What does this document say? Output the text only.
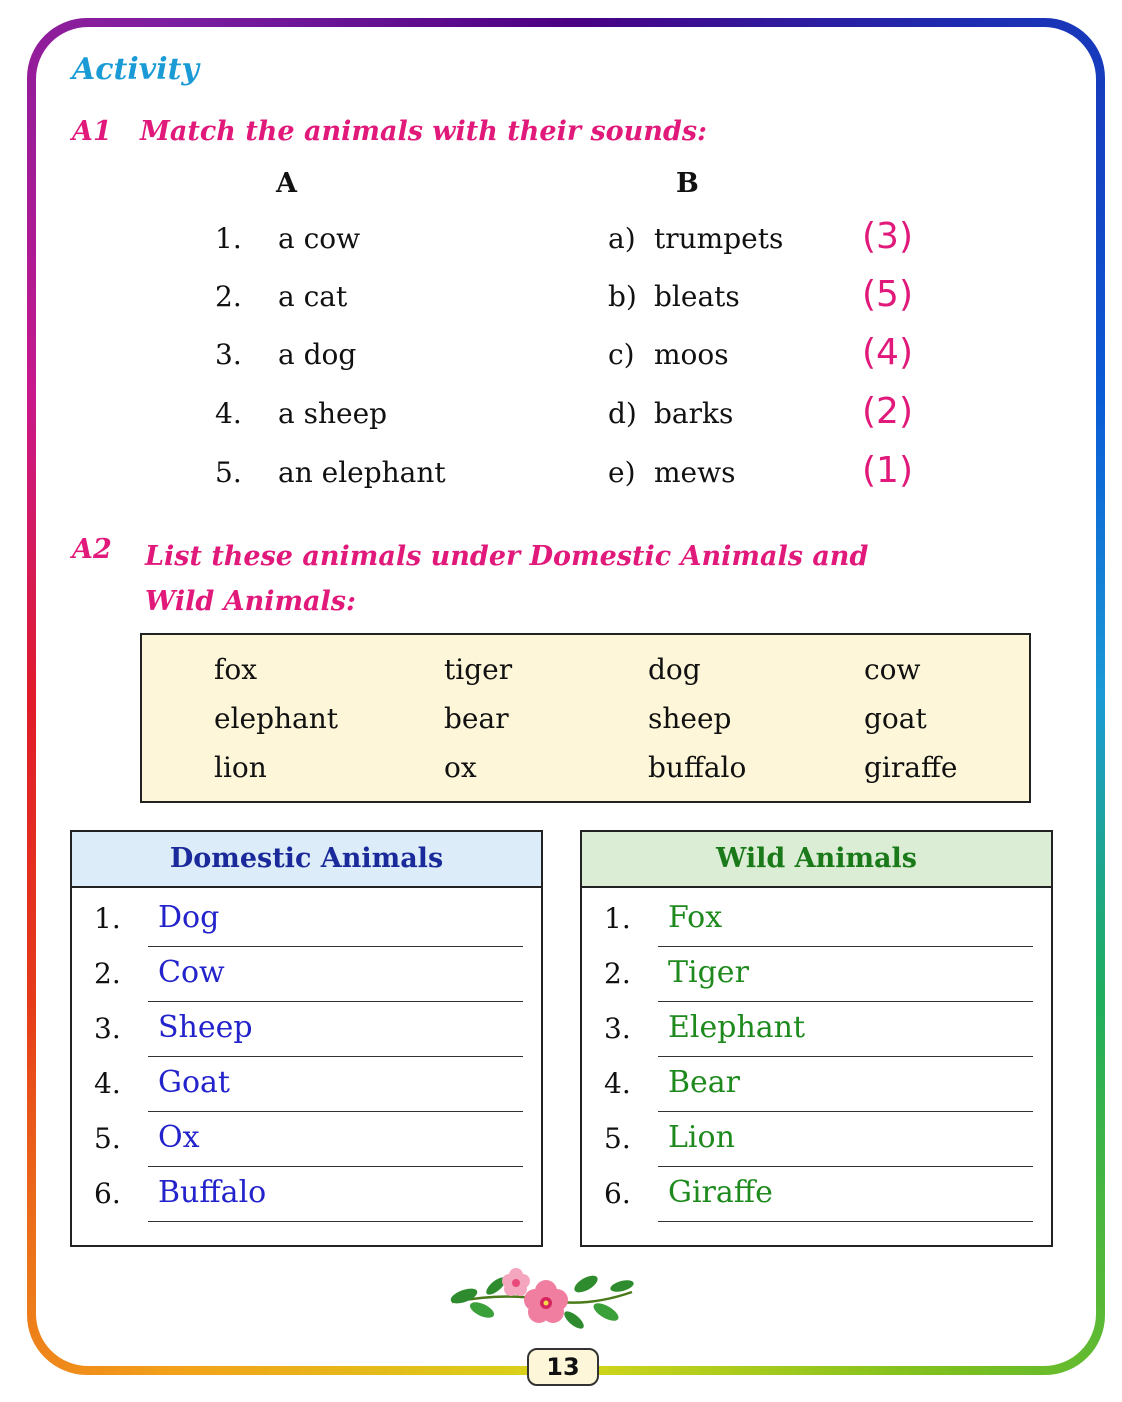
Activity
A1 Match the animals with their sounds:
A	B
1. a cow	a) trumpets (3)
2. a cat	b) bleats	(5)
3. a dog	c) moos	(4)
4. a sheep	d) barks	(2)
5. an elephant	e) mews	(1)
A2 List these animals under Domestic Animals and
Wild Animals:
fox	tiger	dog	cow
elephant	bear	sheep	goat
lion	ox	buffalo	giraffe
Domestic Animals
1. Dog
2. Cow
3. Sheep
4. Goat
5. Ox
6. Buffalo
Wild Animals
1. Fox
2. Tiger
3. Elephant
4. Bear
5. Lion
6. Giraffe
13
